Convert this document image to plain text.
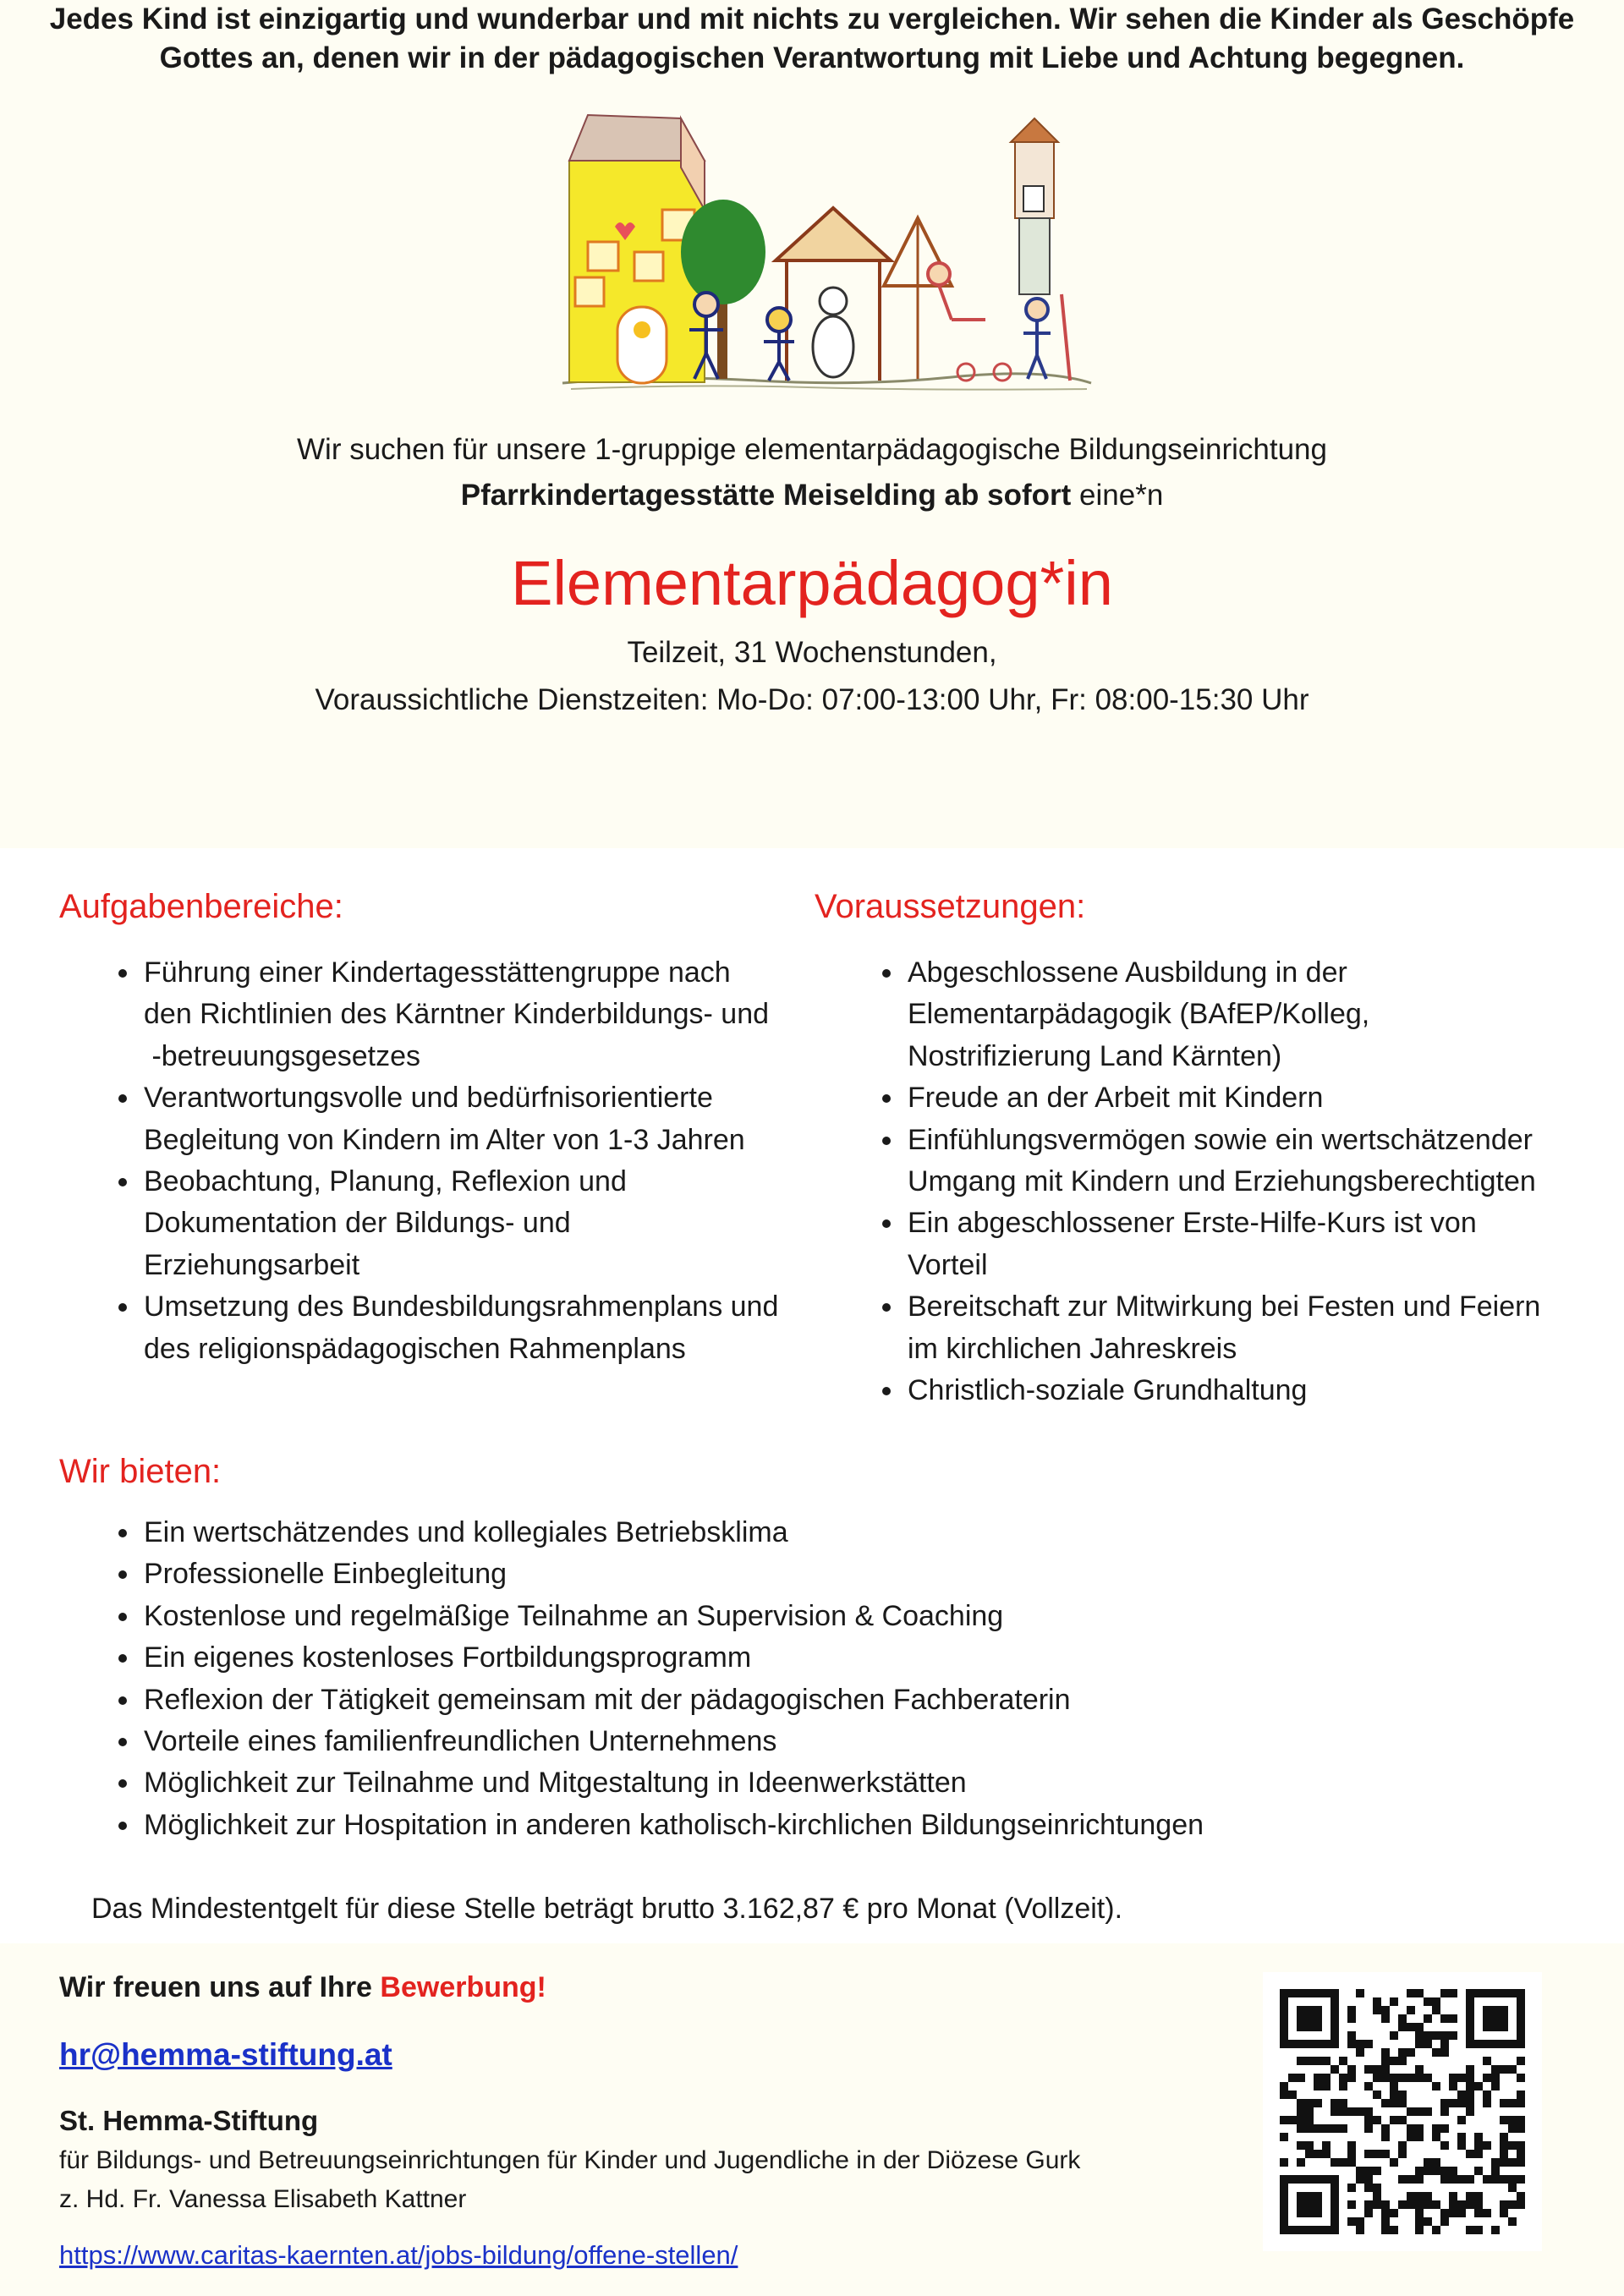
Jedes Kind ist einzigartig und wunderbar und mit nichts zu vergleichen. Wir sehen die Kinder als Geschöpfe
Gottes an, denen wir in der pädagogischen Verantwortung mit Liebe und Achtung begegnen.
Wir suchen für unsere 1-gruppige elementarpädagogische Bildungseinrichtung
Pfarrkindertagesstätte Meiselding ab sofort eine*n
Elementarpädagog*in
Teilzeit, 31 Wochenstunden,
Voraussichtliche Dienstzeiten: Mo-Do: 07:00-13:00 Uhr, Fr: 08:00-15:30 Uhr
Aufgabenbereiche:
Führung einer Kindertagesstättengruppe nach
den Richtlinien des Kärntner Kinderbildungs- und
-betreuungsgesetzes
Verantwortungsvolle und bedürfnisorientierte
Begleitung von Kindern im Alter von 1-3 Jahren
Beobachtung, Planung, Reflexion und
Dokumentation der Bildungs- und
Erziehungsarbeit
Umsetzung des Bundesbildungsrahmenplans und
des religionspädagogischen Rahmenplans
Voraussetzungen:
Abgeschlossene Ausbildung in der
Elementarpädagogik (BAfEP/Kolleg,
Nostrifizierung Land Kärnten)
Freude an der Arbeit mit Kindern
Einfühlungsvermögen sowie ein wertschätzender
Umgang mit Kindern und Erziehungsberechtigten
Ein abgeschlossener Erste-Hilfe-Kurs ist von
Vorteil
Bereitschaft zur Mitwirkung bei Festen und Feiern
im kirchlichen Jahreskreis
Christlich-soziale Grundhaltung
Wir bieten:
Ein wertschätzendes und kollegiales Betriebsklima
Professionelle Einbegleitung
Kostenlose und regelmäßige Teilnahme an Supervision & Coaching
Ein eigenes kostenloses Fortbildungsprogramm
Reflexion der Tätigkeit gemeinsam mit der pädagogischen Fachberaterin
Vorteile eines familienfreundlichen Unternehmens
Möglichkeit zur Teilnahme und Mitgestaltung in Ideenwerkstätten
Möglichkeit zur Hospitation in anderen katholisch-kirchlichen Bildungseinrichtungen
Das Mindestentgelt für diese Stelle beträgt brutto 3.162,87 € pro Monat (Vollzeit).
Wir freuen uns auf Ihre Bewerbung!
hr@hemma-stiftung.at
St. Hemma-Stiftung
für Bildungs- und Betreuungseinrichtungen für Kinder und Jugendliche in der Diözese Gurk
z. Hd. Fr. Vanessa Elisabeth Kattner
https://www.caritas-kaernten.at/jobs-bildung/offene-stellen/
